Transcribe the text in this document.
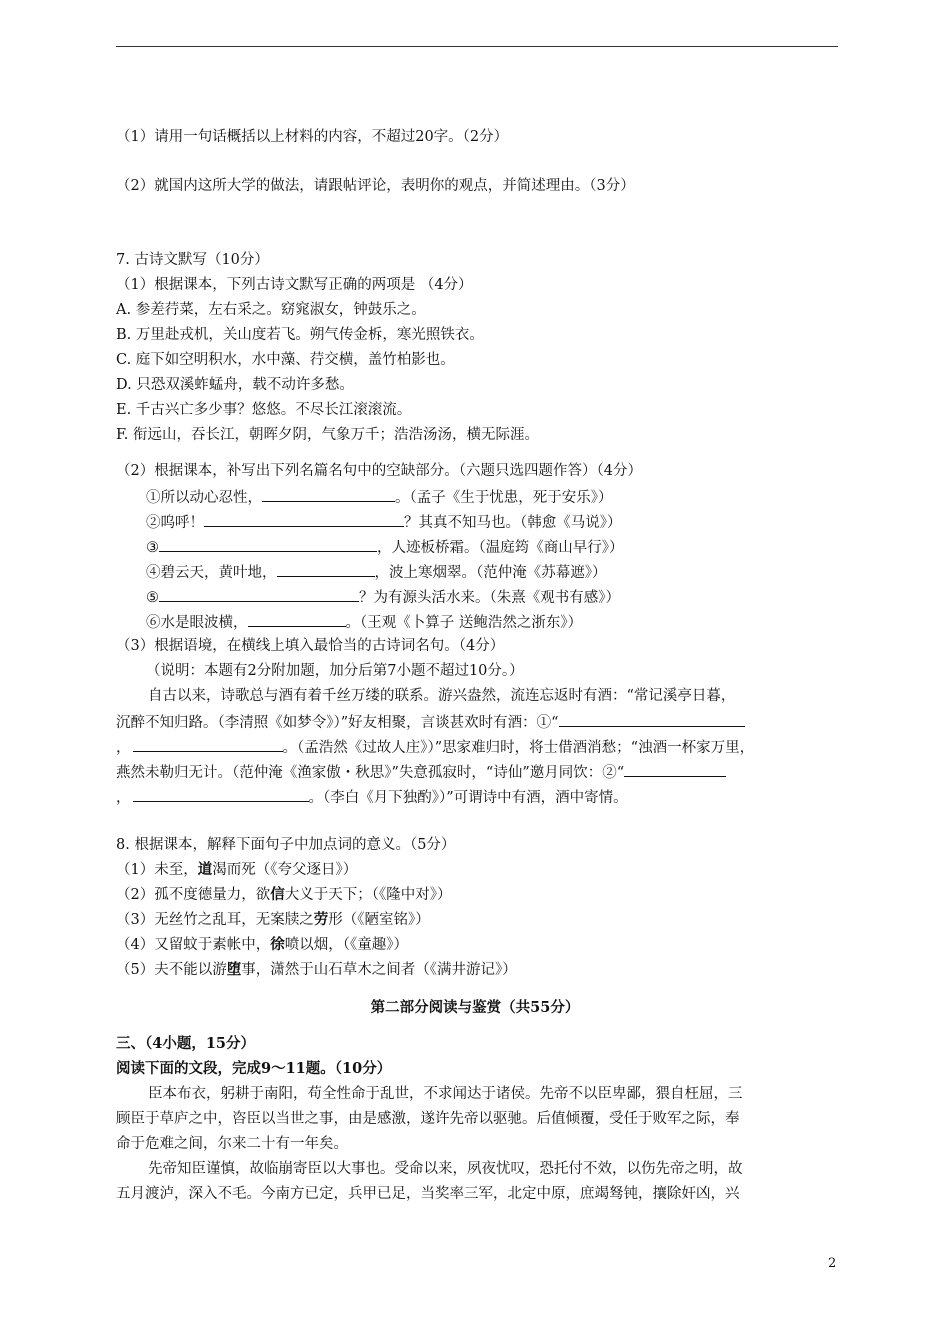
（1）请用一句话概括以上材料的内容，不超过20字。（2分）
（2）就国内这所大学的做法，请跟帖评论，表明你的观点，并简述理由。（3分）
7. 古诗文默写（10分）
（1）根据课本，下列古诗文默写正确的两项是 （4分）
A. 参差荇菜，左右采之。窈窕淑女，钟鼓乐之。
B. 万里赴戎机，关山度若飞。朔气传金柝，寒光照铁衣。
C. 庭下如空明积水，水中藻、荇交横，盖竹柏影也。
D. 只恐双溪蚱蜢舟，载不动许多愁。
E. 千古兴亡多少事？悠悠。不尽长江滚滚流。
F. 衔远山，吞长江，朝晖夕阴，气象万千；浩浩汤汤，横无际涯。
（2）根据课本，补写出下列名篇名句中的空缺部分。（六题只选四题作答）（4分）
①所以动心忍性，	。（孟子《生于忧患，死于安乐》）
②呜呼！	？其真不知马也。（韩愈《马说》）
③	，人迹板桥霜。（温庭筠《商山早行》）
④碧云天，黄叶地，	，波上寒烟翠。（范仲淹《苏幕遮》）
⑤	？为有源头活水来。（朱熹《观书有感》）
⑥水是眼波横，	。（王观《卜算子 送鲍浩然之浙东》）
（3）根据语境，在横线上填入最恰当的古诗词名句。（4分）
（说明：本题有2分附加题，加分后第7小题不超过10分。）
自古以来，诗歌总与酒有着千丝万缕的联系。游兴盎然，流连忘返时有酒：“常记溪亭日暮，
沉醉不知归路。（李清照《如梦令》）”好友相聚，言谈甚欢时有酒：①“
，	。（孟浩然《过故人庄》）”思家难归时，将士借酒消愁；“浊酒一杯家万里，
燕然未勒归无计。（范仲淹《渔家傲・秋思》”失意孤寂时，“诗仙”邀月同饮：②“
，	。（李白《月下独酌》）”可谓诗中有酒，酒中寄情。
8. 根据课本，解释下面句子中加点词的意义。（5分）
（1）未至，道渴而死（《夸父逐日》）
（2）孤不度德量力，欲信大义于天下；（《隆中对》）
（3）无丝竹之乱耳，无案牍之劳形（《陋室铭》）
（4）又留蚊于素帐中，徐喷以烟，（《童趣》）
（5）夫不能以游堕事，潇然于山石草木之间者（《满井游记》）
第二部分阅读与鉴赏（共55分）
三、（4小题，15分）
阅读下面的文段，完成9～11题。（10分）
臣本布衣，躬耕于南阳，苟全性命于乱世，不求闻达于诸侯。先帝不以臣卑鄙，猥自枉屈，三
顾臣于草庐之中，咨臣以当世之事，由是感激，遂许先帝以驱驰。后值倾覆，受任于败军之际，奉
命于危难之间，尔来二十有一年矣。
先帝知臣谨慎，故临崩寄臣以大事也。受命以来，夙夜忧叹，恐托付不效，以伤先帝之明，故
五月渡泸，深入不毛。今南方已定，兵甲已足，当奖率三军，北定中原，庶竭驽钝，攘除奸凶，兴
2
